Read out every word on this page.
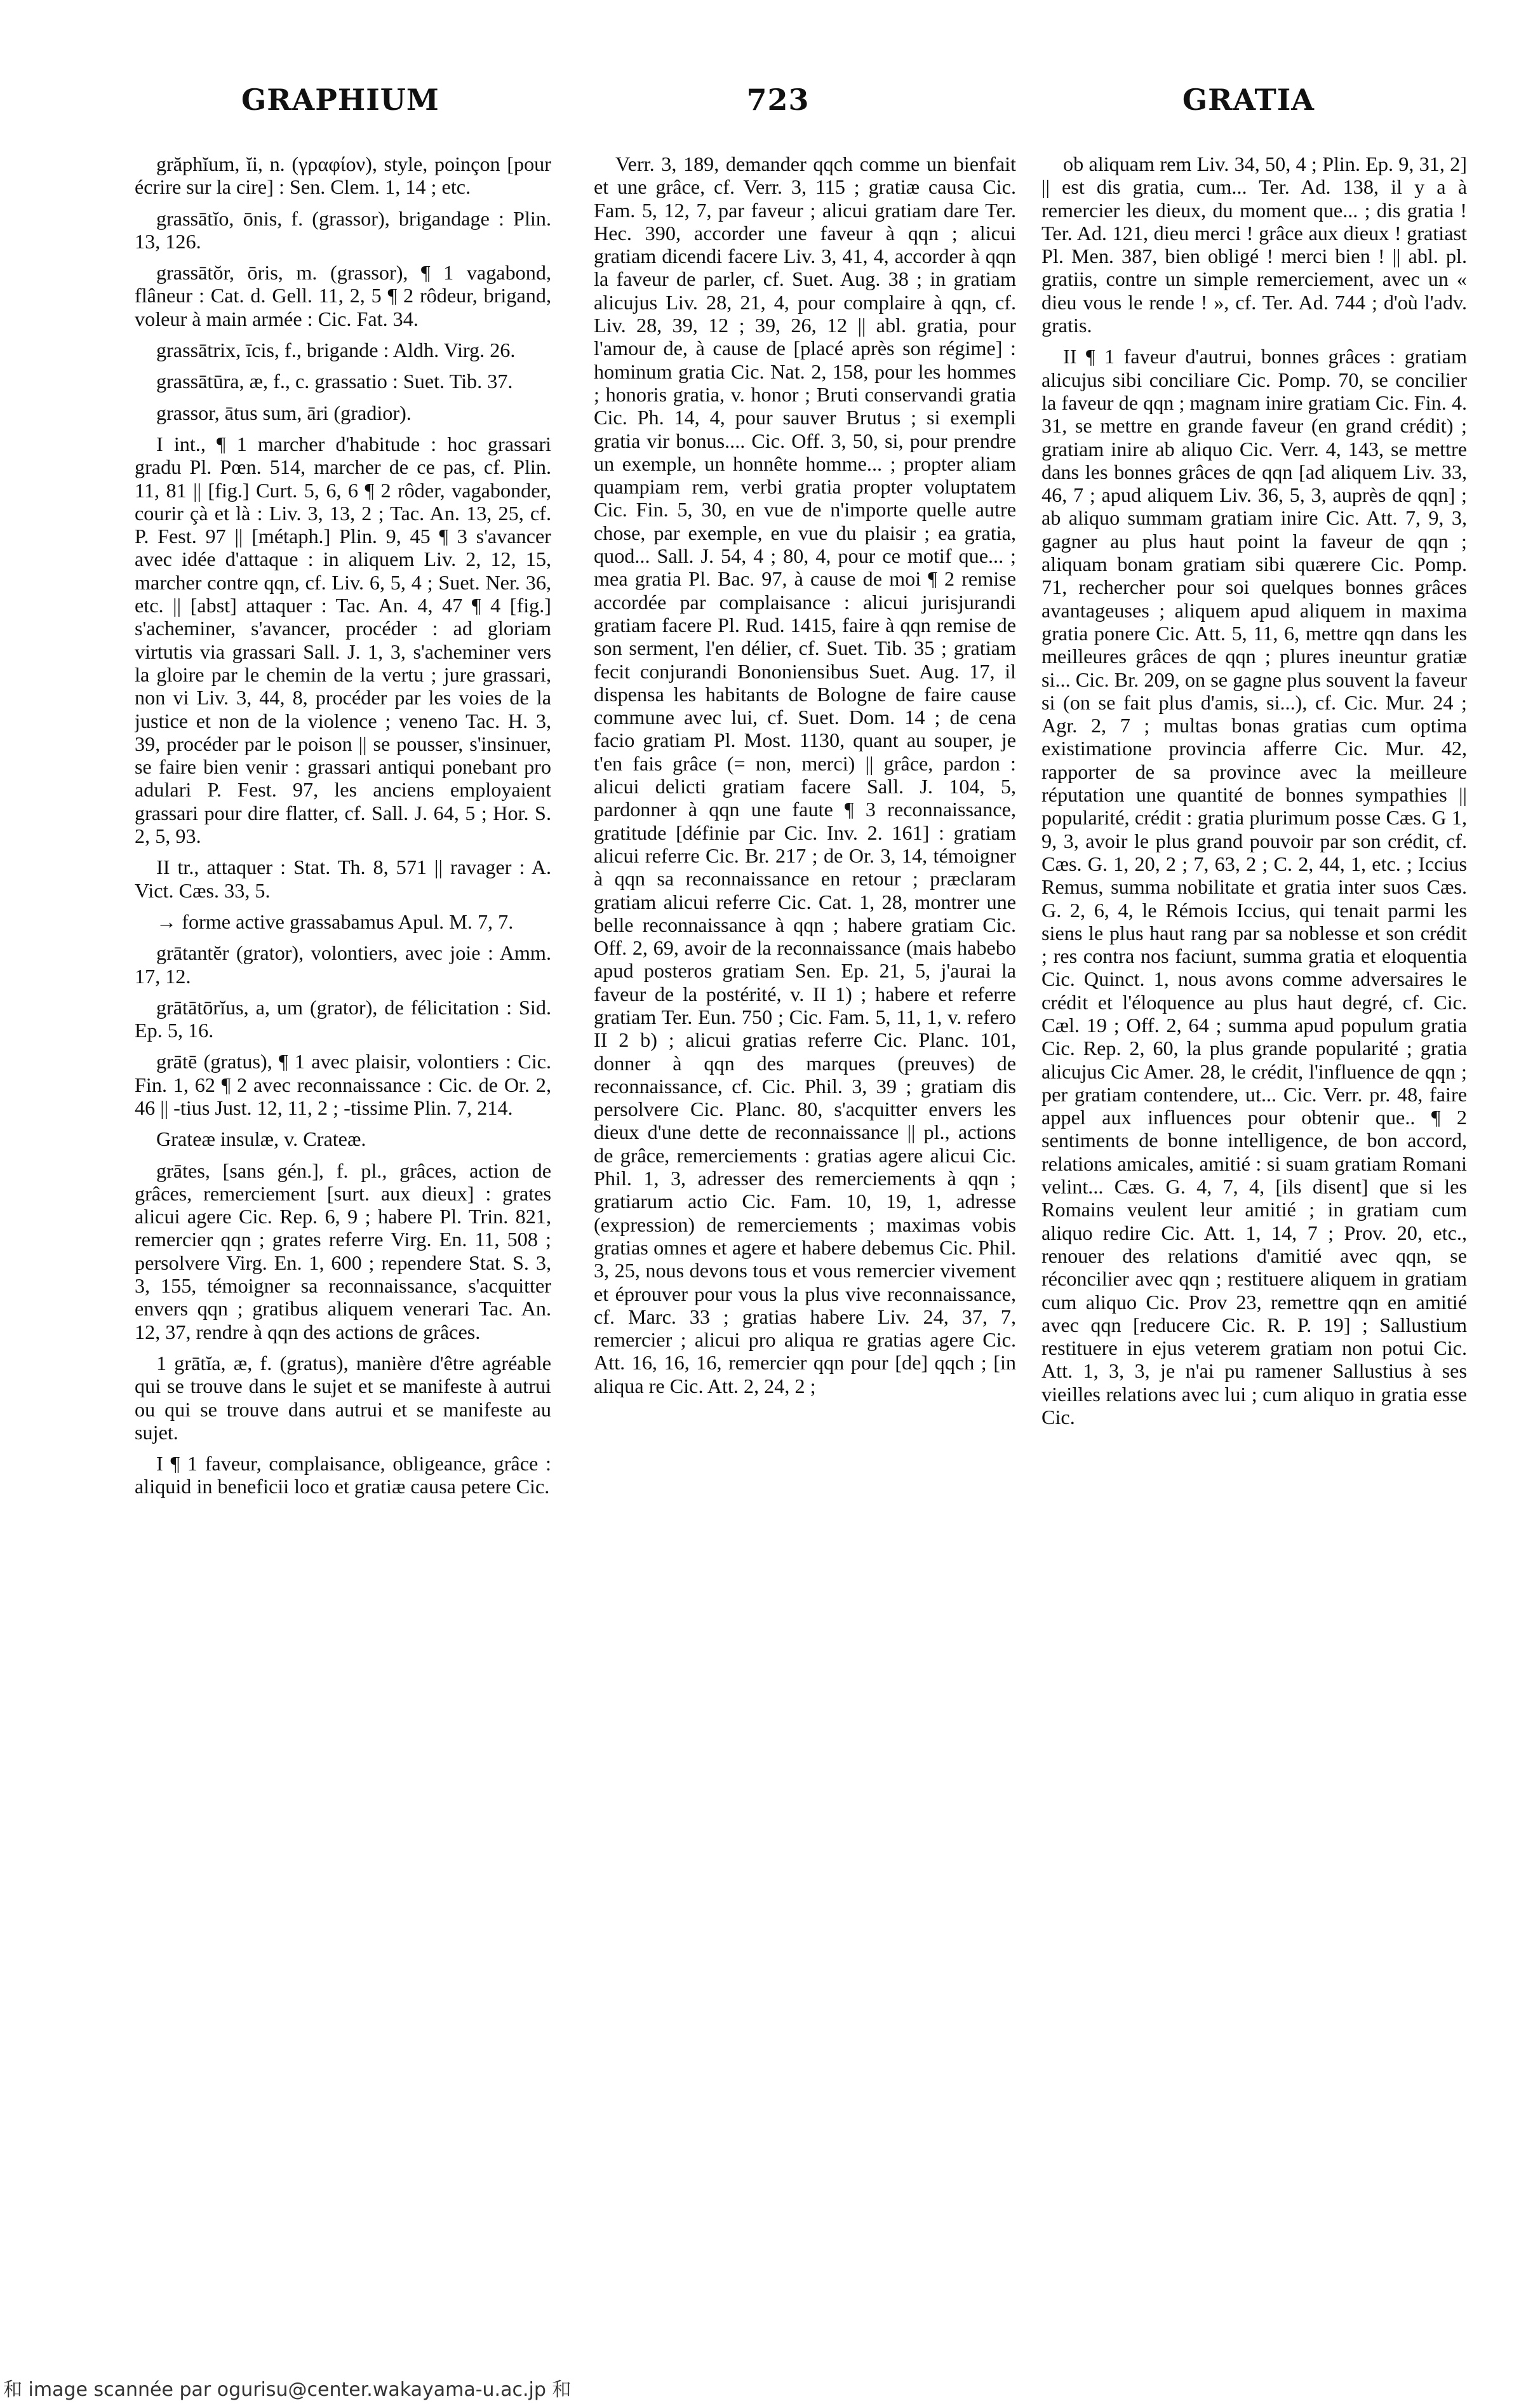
GRAPHIUM	723	GRATIA

grăphĭum, ĭi, n. (γραφίον), style, poinçon [pour écrire sur la cire] : Sen. Clem. 1, 14 ; etc.

grassātĭo, ōnis, f. (grassor), brigandage : Plin. 13, 126.

grassātŏr, ōris, m. (grassor), ¶ 1 vagabond, flâneur : Cat. d. Gell. 11, 2, 5 ¶ 2 rôdeur, brigand, voleur à main armée : Cic. Fat. 34.

grassātrix, īcis, f., brigande : Aldh. Virg. 26.

grassātūra, æ, f., c. grassatio : Suet. Tib. 37.

grassor, ātus sum, āri (gradior).

I int., ¶ 1 marcher d'habitude : hoc grassari gradu Pl. Pœn. 514, marcher de ce pas, cf. Plin. 11, 81 || [fig.] Curt. 5, 6, 6 ¶ 2 rôder, vagabonder, courir çà et là : Liv. 3, 13, 2 ; Tac. An. 13, 25, cf. P. Fest. 97 || [métaph.] Plin. 9, 45 ¶ 3 s'avancer avec idée d'attaque : in aliquem Liv. 2, 12, 15, marcher contre qqn, cf. Liv. 6, 5, 4 ; Suet. Ner. 36, etc. || [abst] attaquer : Tac. An. 4, 47 ¶ 4 [fig.] s'acheminer, s'avancer, procéder : ad gloriam virtutis via grassari Sall. J. 1, 3, s'acheminer vers la gloire par le chemin de la vertu ; jure grassari, non vi Liv. 3, 44, 8, procéder par les voies de la justice et non de la violence ; veneno Tac. H. 3, 39, procéder par le poison || se pousser, s'insinuer, se faire bien venir : grassari antiqui ponebant pro adulari P. Fest. 97, les anciens employaient grassari pour dire flatter, cf. Sall. J. 64, 5 ; Hor. S. 2, 5, 93.

II tr., attaquer : Stat. Th. 8, 571 || ravager : A. Vict. Cæs. 33, 5.

→ forme active grassabamus Apul. M. 7, 7.

grātantĕr (grator), volontiers, avec joie : Amm. 17, 12.

grātātōrĭus, a, um (grator), de félicitation : Sid. Ep. 5, 16.

grātē (gratus), ¶ 1 avec plaisir, volontiers : Cic. Fin. 1, 62 ¶ 2 avec reconnaissance : Cic. de Or. 2, 46 || -tius Just. 12, 11, 2 ; -tissime Plin. 7, 214.

Grateæ insulæ, v. Crateæ.

grātes, [sans gén.], f. pl., grâces, action de grâces, remerciement [surt. aux dieux] : grates alicui agere Cic. Rep. 6, 9 ; habere Pl. Trin. 821, remercier qqn ; grates referre Virg. En. 11, 508 ; persolvere Virg. En. 1, 600 ; rependere Stat. S. 3, 3, 155, témoigner sa reconnaissance, s'acquitter envers qqn ; gratibus aliquem venerari Tac. An. 12, 37, rendre à qqn des actions de grâces.

1 grātĭa, æ, f. (gratus), manière d'être agréable qui se trouve dans le sujet et se manifeste à autrui ou qui se trouve dans autrui et se manifeste au sujet.

I ¶ 1 faveur, complaisance, obligeance, grâce : aliquid in beneficii loco et gratiæ causa petere Cic.

Verr. 3, 189, demander qqch comme un bienfait et une grâce, cf. Verr. 3, 115 ; gratiæ causa Cic. Fam. 5, 12, 7, par faveur ; alicui gratiam dare Ter. Hec. 390, accorder une faveur à qqn ; alicui gratiam dicendi facere Liv. 3, 41, 4, accorder à qqn la faveur de parler, cf. Suet. Aug. 38 ; in gratiam alicujus Liv. 28, 21, 4, pour complaire à qqn, cf. Liv. 28, 39, 12 ; 39, 26, 12 || abl. gratia, pour l'amour de, à cause de [placé après son régime] : hominum gratia Cic. Nat. 2, 158, pour les hommes ; honoris gratia, v. honor ; Bruti conservandi gratia Cic. Ph. 14, 4, pour sauver Brutus ; si exempli gratia vir bonus.... Cic. Off. 3, 50, si, pour prendre un exemple, un honnête homme... ; propter aliam quampiam rem, verbi gratia propter voluptatem Cic. Fin. 5, 30, en vue de n'importe quelle autre chose, par exemple, en vue du plaisir ; ea gratia, quod... Sall. J. 54, 4 ; 80, 4, pour ce motif que... ; mea gratia Pl. Bac. 97, à cause de moi ¶ 2 remise accordée par complaisance : alicui jurisjurandi gratiam facere Pl. Rud. 1415, faire à qqn remise de son serment, l'en délier, cf. Suet. Tib. 35 ; gratiam fecit conjurandi Bononiensibus Suet. Aug. 17, il dispensa les habitants de Bologne de faire cause commune avec lui, cf. Suet. Dom. 14 ; de cena facio gratiam Pl. Most. 1130, quant au souper, je t'en fais grâce (= non, merci) || grâce, pardon : alicui delicti gratiam facere Sall. J. 104, 5, pardonner à qqn une faute ¶ 3 reconnaissance, gratitude [définie par Cic. Inv. 2. 161] : gratiam alicui referre Cic. Br. 217 ; de Or. 3, 14, témoigner à qqn sa reconnaissance en retour ; præclaram gratiam alicui referre Cic. Cat. 1, 28, montrer une belle reconnaissance à qqn ; habere gratiam Cic. Off. 2, 69, avoir de la reconnaissance (mais habebo apud posteros gratiam Sen. Ep. 21, 5, j'aurai la faveur de la postérité, v. II 1) ; habere et referre gratiam Ter. Eun. 750 ; Cic. Fam. 5, 11, 1, v. refero II 2 b) ; alicui gratias referre Cic. Planc. 101, donner à qqn des marques (preuves) de reconnaissance, cf. Cic. Phil. 3, 39 ; gratiam dis persolvere Cic. Planc. 80, s'acquitter envers les dieux d'une dette de reconnaissance || pl., actions de grâce, remerciements : gratias agere alicui Cic. Phil. 1, 3, adresser des remerciements à qqn ; gratiarum actio Cic. Fam. 10, 19, 1, adresse (expression) de remerciements ; maximas vobis gratias omnes et agere et habere debemus Cic. Phil. 3, 25, nous devons tous et vous remercier vivement et éprouver pour vous la plus vive reconnaissance, cf. Marc. 33 ; gratias habere Liv. 24, 37, 7, remercier ; alicui pro aliqua re gratias agere Cic. Att. 16, 16, 16, remercier qqn pour [de] qqch ; [in aliqua re Cic. Att. 2, 24, 2 ;

ob aliquam rem Liv. 34, 50, 4 ; Plin. Ep. 9, 31, 2] || est dis gratia, cum... Ter. Ad. 138, il y a à remercier les dieux, du moment que... ; dis gratia ! Ter. Ad. 121, dieu merci ! grâce aux dieux ! gratiast Pl. Men. 387, bien obligé ! merci bien ! || abl. pl. gratiis, contre un simple remerciement, avec un « dieu vous le rende ! », cf. Ter. Ad. 744 ; d'où l'adv. gratis.

II ¶ 1 faveur d'autrui, bonnes grâces : gratiam alicujus sibi conciliare Cic. Pomp. 70, se concilier la faveur de qqn ; magnam inire gratiam Cic. Fin. 4. 31, se mettre en grande faveur (en grand crédit) ; gratiam inire ab aliquo Cic. Verr. 4, 143, se mettre dans les bonnes grâces de qqn [ad aliquem Liv. 33, 46, 7 ; apud aliquem Liv. 36, 5, 3, auprès de qqn] ; ab aliquo summam gratiam inire Cic. Att. 7, 9, 3, gagner au plus haut point la faveur de qqn ; aliquam bonam gratiam sibi quærere Cic. Pomp. 71, rechercher pour soi quelques bonnes grâces avantageuses ; aliquem apud aliquem in maxima gratia ponere Cic. Att. 5, 11, 6, mettre qqn dans les meilleures grâces de qqn ; plures ineuntur gratiæ si... Cic. Br. 209, on se gagne plus souvent la faveur si (on se fait plus d'amis, si...), cf. Cic. Mur. 24 ; Agr. 2, 7 ; multas bonas gratias cum optima existimatione provincia afferre Cic. Mur. 42, rapporter de sa province avec la meilleure réputation une quantité de bonnes sympathies || popularité, crédit : gratia plurimum posse Cæs. G 1, 9, 3, avoir le plus grand pouvoir par son crédit, cf. Cæs. G. 1, 20, 2 ; 7, 63, 2 ; C. 2, 44, 1, etc. ; Iccius Remus, summa nobilitate et gratia inter suos Cæs. G. 2, 6, 4, le Rémois Iccius, qui tenait parmi les siens le plus haut rang par sa noblesse et son crédit ; res contra nos faciunt, summa gratia et eloquentia Cic. Quinct. 1, nous avons comme adversaires le crédit et l'éloquence au plus haut degré, cf. Cic. Cæl. 19 ; Off. 2, 64 ; summa apud populum gratia Cic. Rep. 2, 60, la plus grande popularité ; gratia alicujus Cic Amer. 28, le crédit, l'influence de qqn ; per gratiam contendere, ut... Cic. Verr. pr. 48, faire appel aux influences pour obtenir que.. ¶ 2 sentiments de bonne intelligence, de bon accord, relations amicales, amitié : si suam gratiam Romani velint... Cæs. G. 4, 7, 4, [ils disent] que si les Romains veulent leur amitié ; in gratiam cum aliquo redire Cic. Att. 1, 14, 7 ; Prov. 20, etc., renouer des relations d'amitié avec qqn, se réconcilier avec qqn ; restituere aliquem in gratiam cum aliquo Cic. Prov 23, remettre qqn en amitié avec qqn [reducere Cic. R. P. 19] ; Sallustium restituere in ejus veterem gratiam non potui Cic. Att. 1, 3, 3, je n'ai pu ramener Sallustius à ses vieilles relations avec lui ; cum aliquo in gratia esse Cic.

和 image scannée par ogurisu@center.wakayama-u.ac.jp 和
